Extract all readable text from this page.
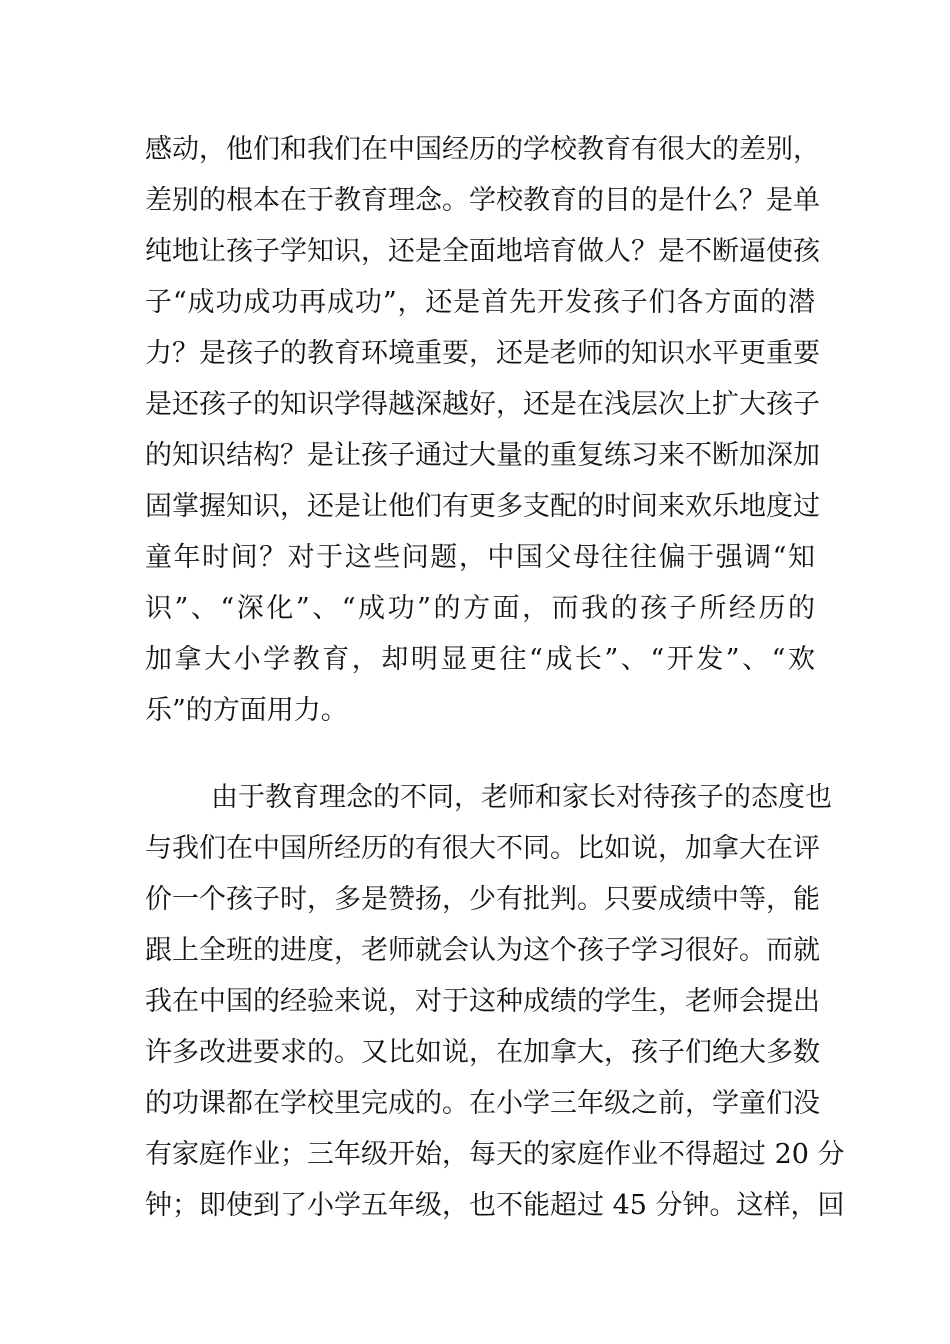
感动，他们和我们在中国经历的学校教育有很大的差别，
差别的根本在于教育理念。学校教育的目的是什么？是单
纯地让孩子学知识，还是全面地培育做人？是不断逼使孩
子“成功成功再成功”，还是首先开发孩子们各方面的潜
力？是孩子的教育环境重要，还是老师的知识水平更重要
是还孩子的知识学得越深越好，还是在浅层次上扩大孩子
的知识结构？是让孩子通过大量的重复练习来不断加深加
固掌握知识，还是让他们有更多支配的时间来欢乐地度过
童年时间？对于这些问题，中国父母往往偏于强调“知
识”、“深化”、“成功”的方面，而我的孩子所经历的
加拿大小学教育，却明显更往“成长”、“开发”、“欢
乐”的方面用力。
由于教育理念的不同，老师和家长对待孩子的态度也
与我们在中国所经历的有很大不同。比如说，加拿大在评
价一个孩子时，多是赞扬，少有批判。只要成绩中等，能
跟上全班的进度，老师就会认为这个孩子学习很好。而就
我在中国的经验来说，对于这种成绩的学生，老师会提出
许多改进要求的。又比如说，在加拿大，孩子们绝大多数
的功课都在学校里完成的。在小学三年级之前，学童们没
有家庭作业；三年级开始，每天的家庭作业不得超过 20 分
钟；即使到了小学五年级，也不能超过 45 分钟。这样，回
